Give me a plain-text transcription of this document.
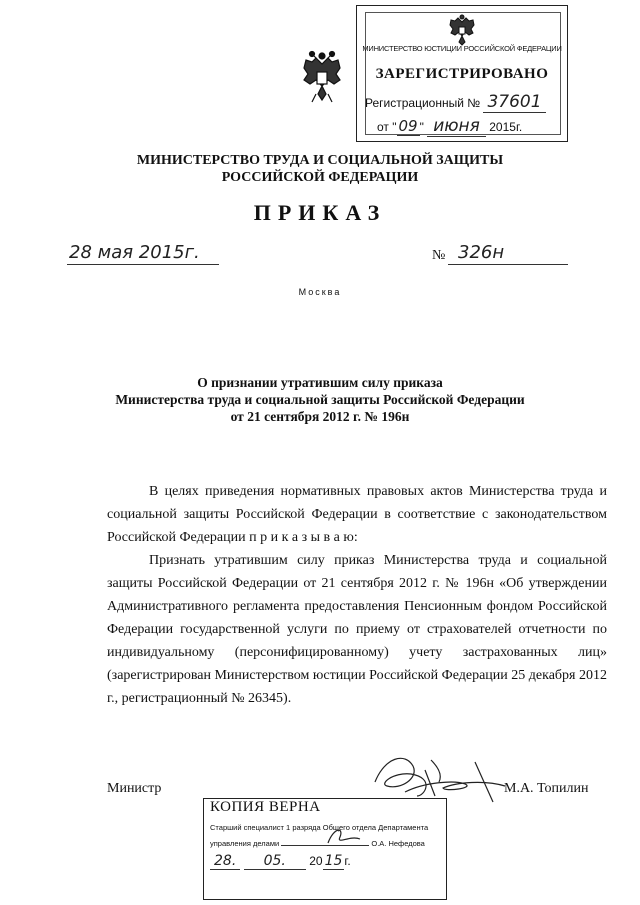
МИНИСТЕРСТВО ЮСТИЦИИ РОССИЙСКОЙ ФЕДЕРАЦИИ
ЗАРЕГИСТРИРОВАНО
Регистрационный № 37601
от " 09 " июня 2015г.
МИНИСТЕРСТВО ТРУДА И СОЦИАЛЬНОЙ ЗАЩИТЫ
РОССИЙСКОЙ ФЕДЕРАЦИИ
ПРИКАЗ
28 мая 2015г.	№ 326н
Москва
О признании утратившим силу приказа
Министерства труда и социальной защиты Российской Федерации
от 21 сентября 2012 г. № 196н

В целях приведения нормативных правовых актов Министерства труда и социальной защиты Российской Федерации в соответствие с законодательством Российской Федерации п р и к а з ы в а ю:

Признать утратившим силу приказ Министерства труда и социальной защиты Российской Федерации от 21 сентября 2012 г. № 196н «Об утверждении Административного регламента предоставления Пенсионным фондом Российской Федерации государственной услуги по приему от страхователей отчетности по индивидуальному (персонифицированному) учету застрахованных лиц» (зарегистрирован Министерством юстиции Российской Федерации 25 декабря 2012 г., регистрационный № 26345).

Министр	М.А. Топилин
КОПИЯ ВЕРНА
Старший специалист 1 разряда Общего отдела Департамента
управления делами	О.А. Нефедова
28. 05. 20 15 г.
